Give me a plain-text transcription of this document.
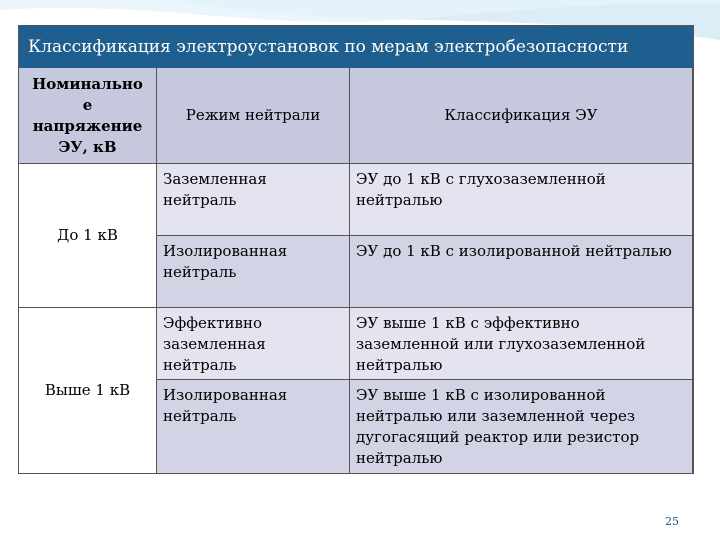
Классификация электроустановок по мерам электробезопасности
Номинально
е
напряжение
ЭУ, кВ
Режим нейтрали	Классификация ЭУ
До 1 кВ
Заземленная нейтраль
ЭУ до 1 кВ с глухозаземленной нейтралью
Изолированная нейтраль
ЭУ до 1 кВ с изолированной нейтралью
Выше 1 кВ
Эффективно заземленная нейтраль
ЭУ выше 1 кВ с эффективно заземленной или глухозаземленной нейтралью
Изолированная нейтраль
ЭУ выше 1 кВ с изолированной нейтралью или заземленной через дугогасящий реактор или резистор нейтралью
25
